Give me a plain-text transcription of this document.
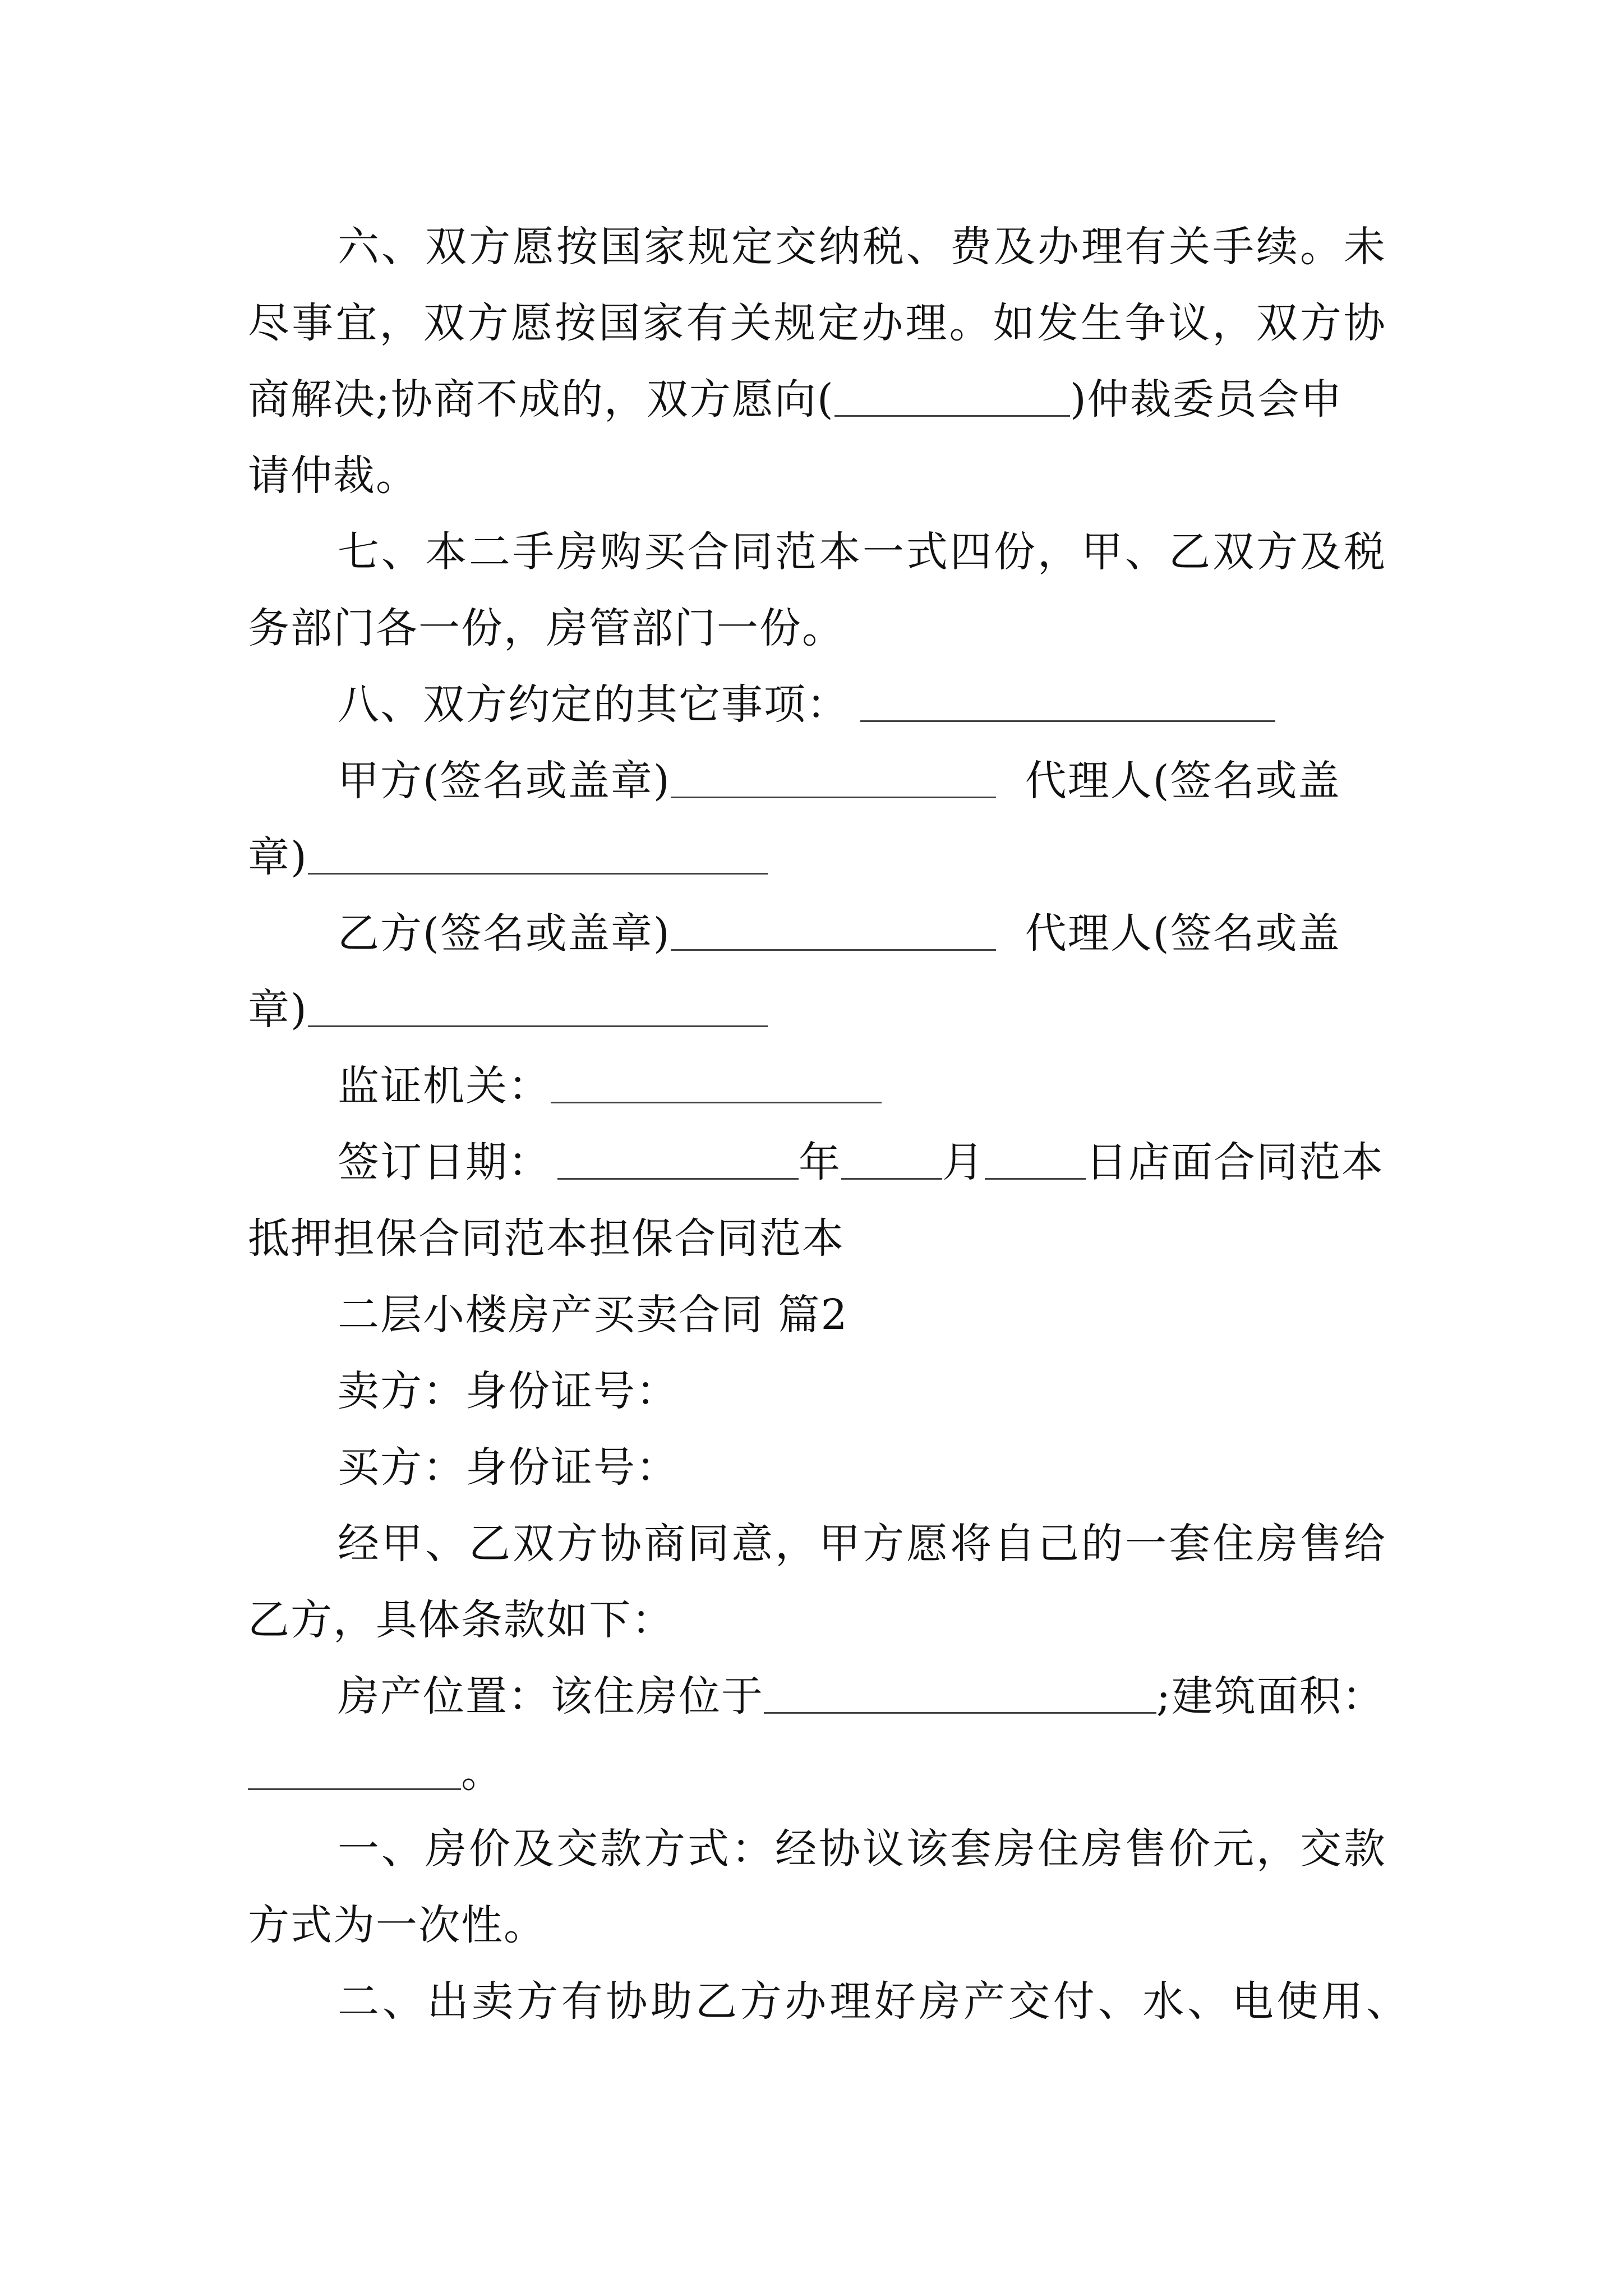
六 、 双 方 愿 按 国 家 规 定 交 纳 税 、 费 及 办 理 有 关 手 续 。 未
尽 事 宜 ， 双 方 愿 按 国 家 有 关 规 定 办 理 。 如 发 生 争 议 ， 双 方 协
商解决;协商不成的，双方愿向(	)仲裁委员会申
请仲裁。
七 、 本 二 手 房 购 买 合 同 范 本 一 式 四 份 ， 甲 、 乙 双 方 及 税
务部门各一份，房管部门一份。
八、双方约定的其它事项：
甲方(签名或盖章)	代理人(签名或盖
章)
乙方(签名或盖章)	代理人(签名或盖
章)
监证机关：
签订日期：	年 月 日店面合同范本
抵押担保合同范本担保合同范本
二层小楼房产买卖合同 篇2
卖方：身份证号：
买方：身份证号：
经 甲 、 乙 双 方 协 商 同 意 ， 甲 方 愿 将 自 己 的 一 套 住 房 售 给
乙方，具体条款如下：
房产位置：该住房位于	;建筑面积：
。
一 、 房 价 及 交 款 方 式 ： 经 协 议 该 套 房 住 房 售 价 元 ， 交 款
方式为一次性。
二 、 出 卖 方 有 协 助 乙 方 办 理 好 房 产 交 付 、 水 、 电 使 用 、
